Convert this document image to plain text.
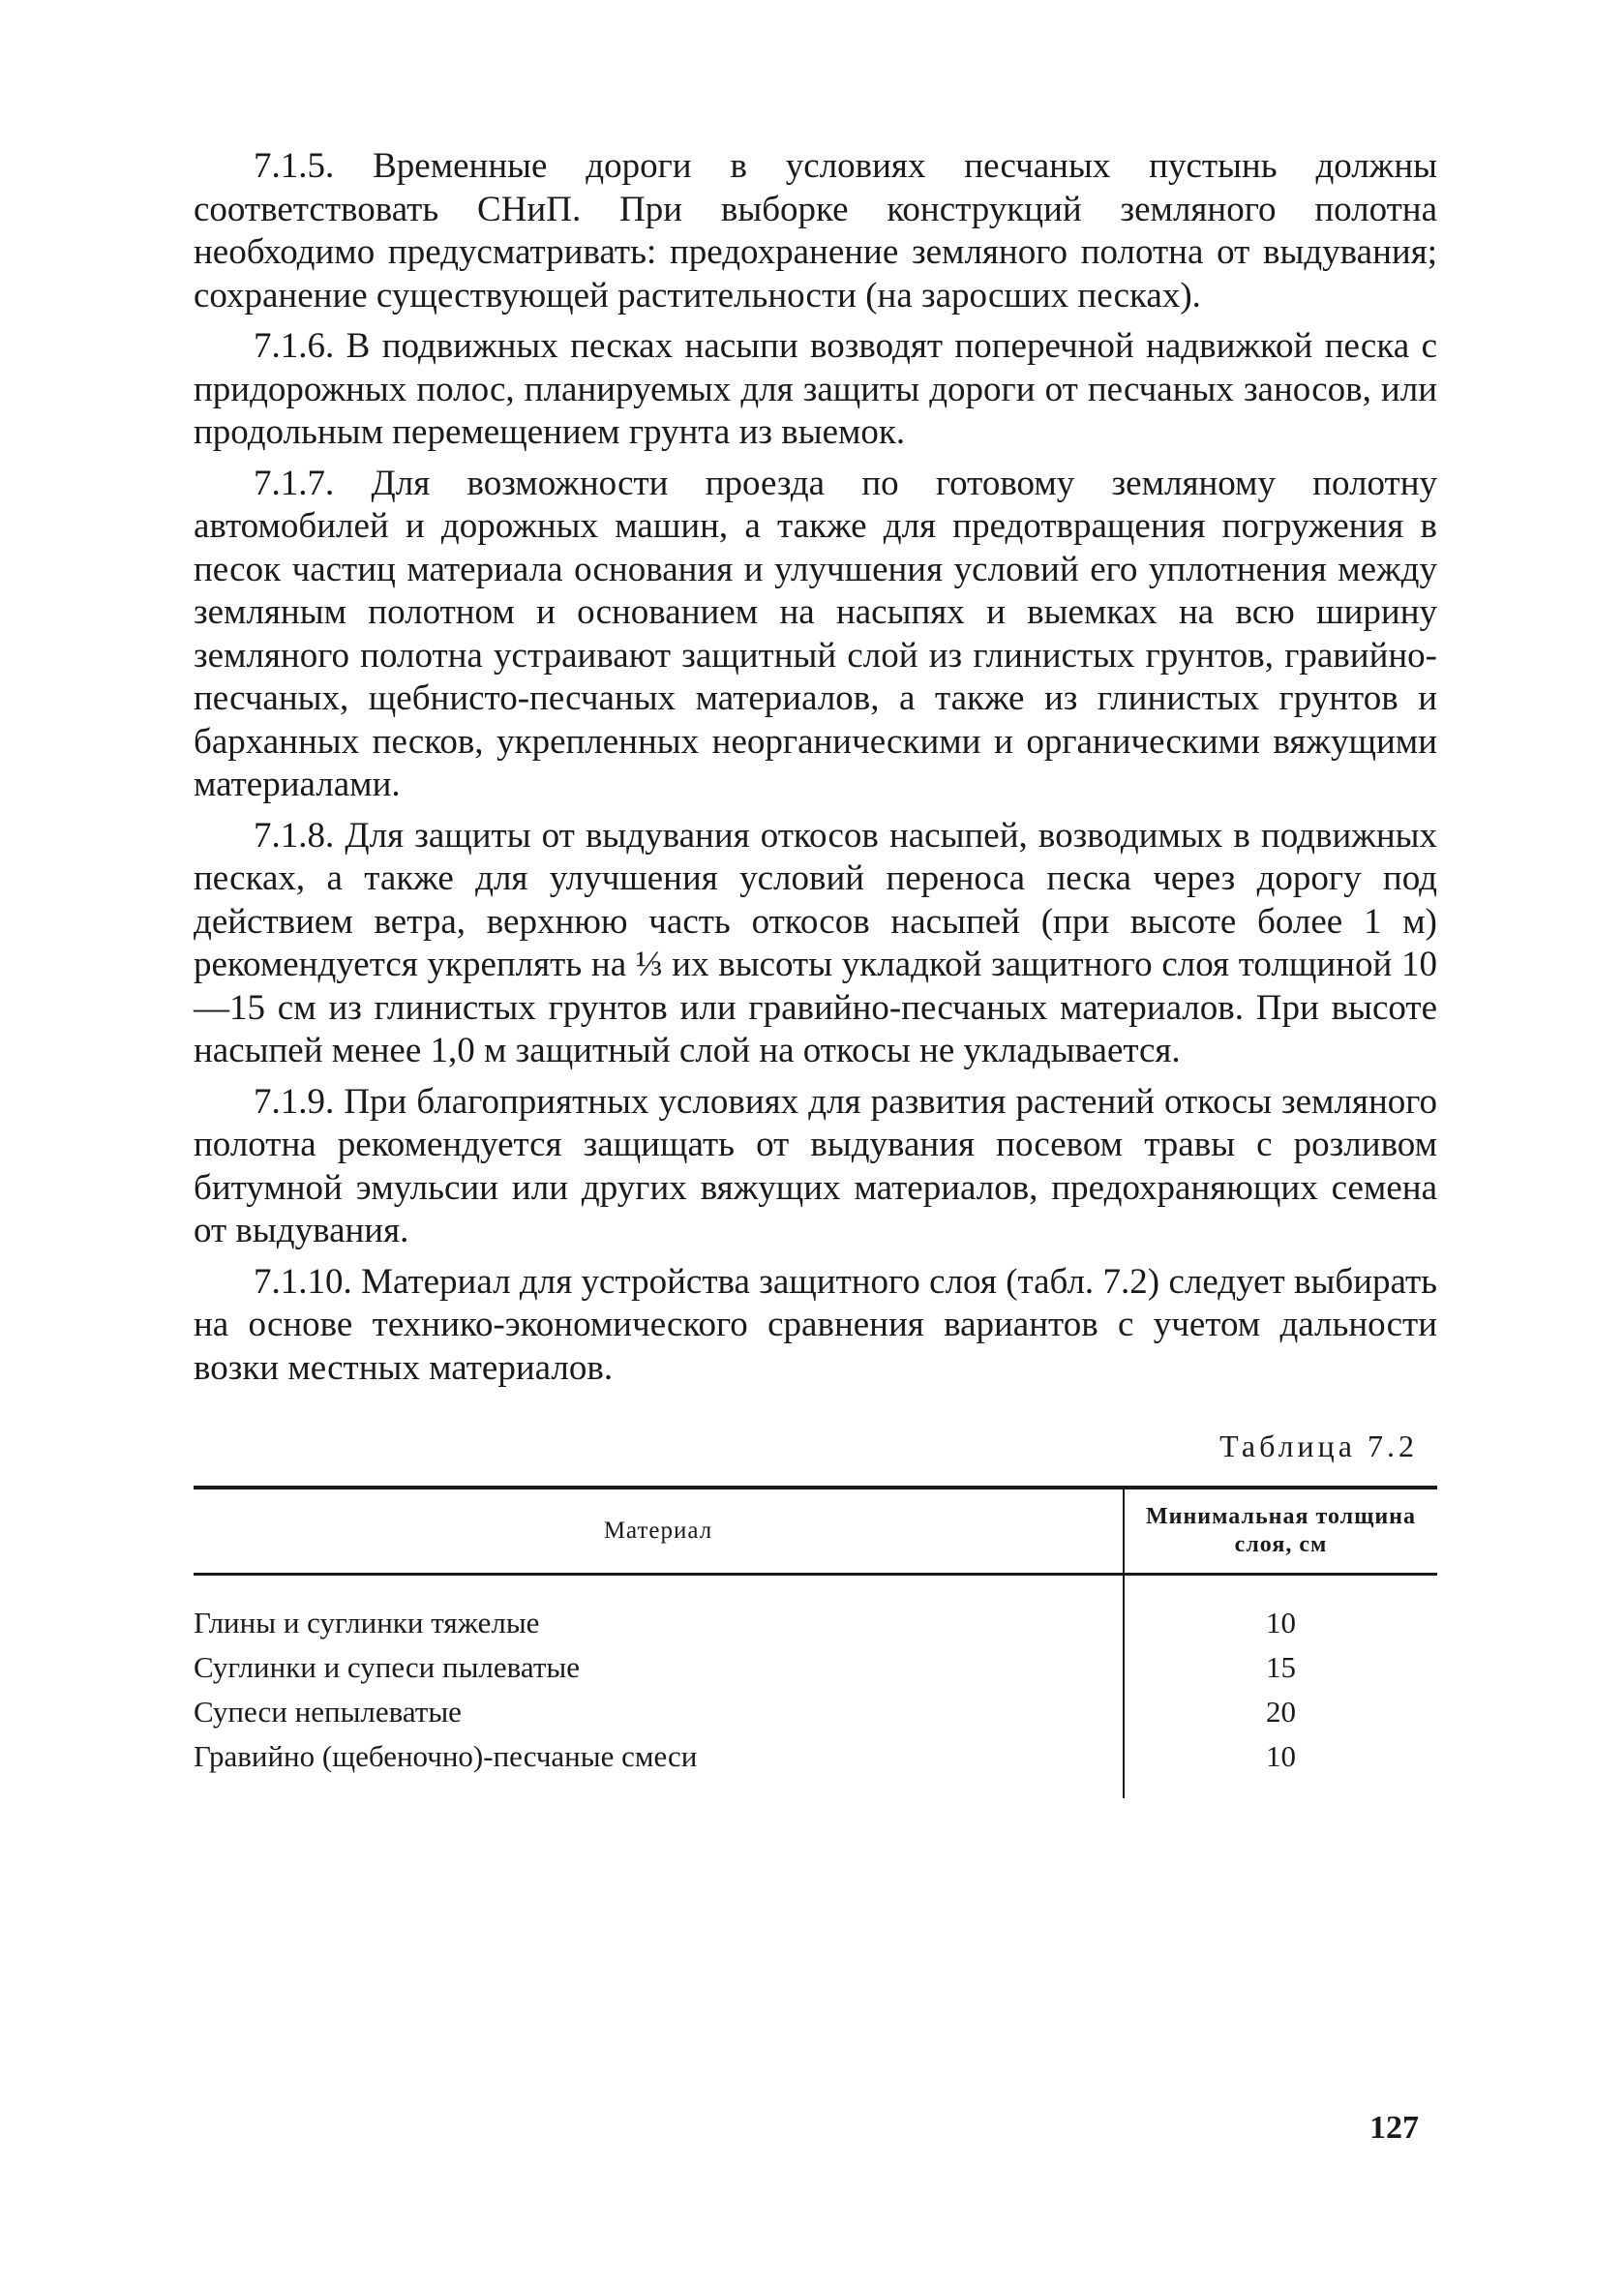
7.1.5. Временные дороги в условиях песчаных пустынь должны соответствовать СНиП. При выборке конструкций земляного полотна необходимо предусматривать: предохранение земляного полотна от выдувания; сохранение существующей растительности (на заросших песках).

7.1.6. В подвижных песках насыпи возводят поперечной надвижкой песка с придорожных полос, планируемых для защиты дороги от песчаных заносов, или продольным перемещением грунта из выемок.

7.1.7. Для возможности проезда по готовому земляному полотну автомобилей и дорожных машин, а также для предотвращения погружения в песок частиц материала основания и улучшения условий его уплотнения между земляным полотном и основанием на насыпях и выемках на всю ширину земляного полотна устраивают защитный слой из глинистых грунтов, гравийно-песчаных, щебнисто-песчаных материалов, а также из глинистых грунтов и барханных песков, укрепленных неорганическими и органическими вяжущими материалами.

7.1.8. Для защиты от выдувания откосов насыпей, возводимых в подвижных песках, а также для улучшения условий переноса песка через дорогу под действием ветра, верхнюю часть откосов насыпей (при высоте более 1 м) рекомендуется укреплять на ⅓ их высоты укладкой защитного слоя толщиной 10—15 см из глинистых грунтов или гравийно-песчаных материалов. При высоте насыпей менее 1,0 м защитный слой на откосы не укладывается.

7.1.9. При благоприятных условиях для развития растений откосы земляного полотна рекомендуется защищать от выдувания посевом травы с розливом битумной эмульсии или других вяжущих материалов, предохраняющих семена от выдувания.

7.1.10. Материал для устройства защитного слоя (табл. 7.2) следует выбирать на основе технико-экономического сравнения вариантов с учетом дальности возки местных материалов.

Таблица 7.2
Материал	Минимальная толщина слоя, см
Глины и суглинки тяжелые	10
Суглинки и супеси пылеватые	15
Супеси непылеватые	20
Гравийно (щебеночно)-песчаные смеси	10
127
